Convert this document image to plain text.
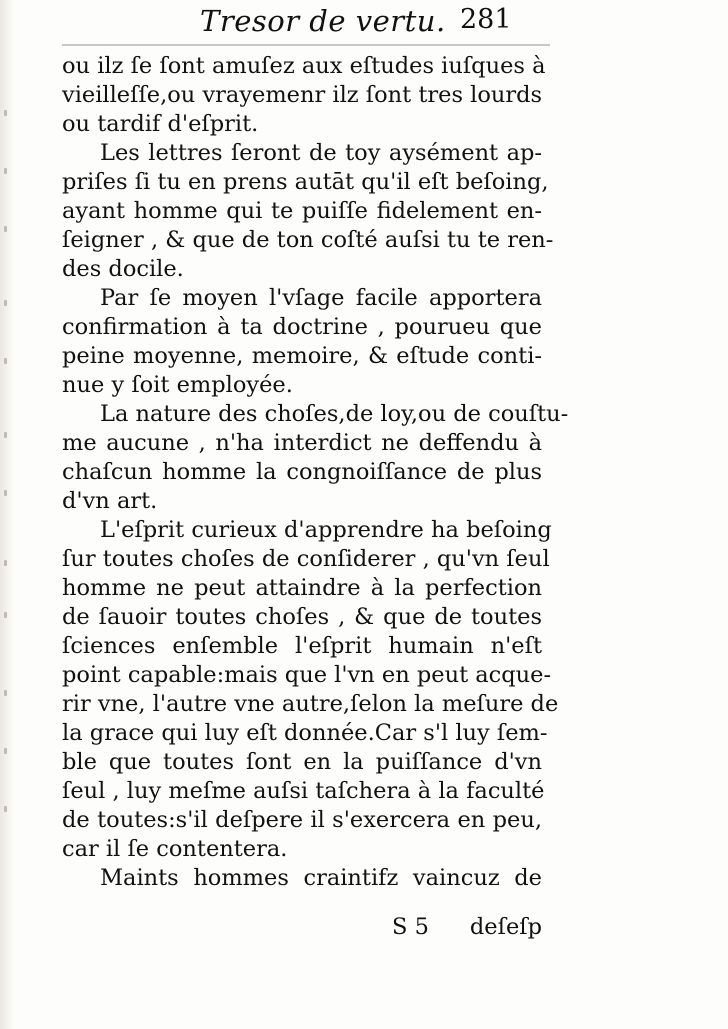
Tresor de vertu. 281
ou ilz ſe ſont amuſez aux eſtudes iuſques à
vieilleſſe,ou vrayemenr ilz ſont tres lourds
ou tardif d'eſprit.
Les lettres ſeront de toy aysément ap-
priſes ſi tu en prens autāt qu'il eſt beſoing,
ayant homme qui te puiſſe fidelement en-
ſeigner , & que de ton coſté auſsi tu te ren-
des docile.
Par ſe moyen l'vſage facile apportera
confirmation à ta doctrine , pourueu que
peine moyenne, memoire, & eſtude conti-
nue y ſoit employée.
La nature des choſes,de loy,ou de couſtu-
me aucune , n'ha interdict ne deffendu à
chaſcun homme la congnoiſſance de plus
d'vn art.
L'eſprit curieux d'apprendre ha beſoing
ſur toutes choſes de conſiderer , qu'vn ſeul
homme ne peut attaindre à la perfection
de ſauoir toutes choſes , & que de toutes
ſciences enſemble l'eſprit humain n'eſt
point capable:mais que l'vn en peut acque-
rir vne, l'autre vne autre,ſelon la meſure de
la grace qui luy eſt donnée.Car s'l luy ſem-
ble que toutes ſont en la puiſſance d'vn
ſeul , luy meſme auſsi taſchera à la faculté
de toutes:s'il deſpere il s'exercera en peu,
car il ſe contentera.
Maints hommes craintifz vaincuz de
S 5 deſeſp
